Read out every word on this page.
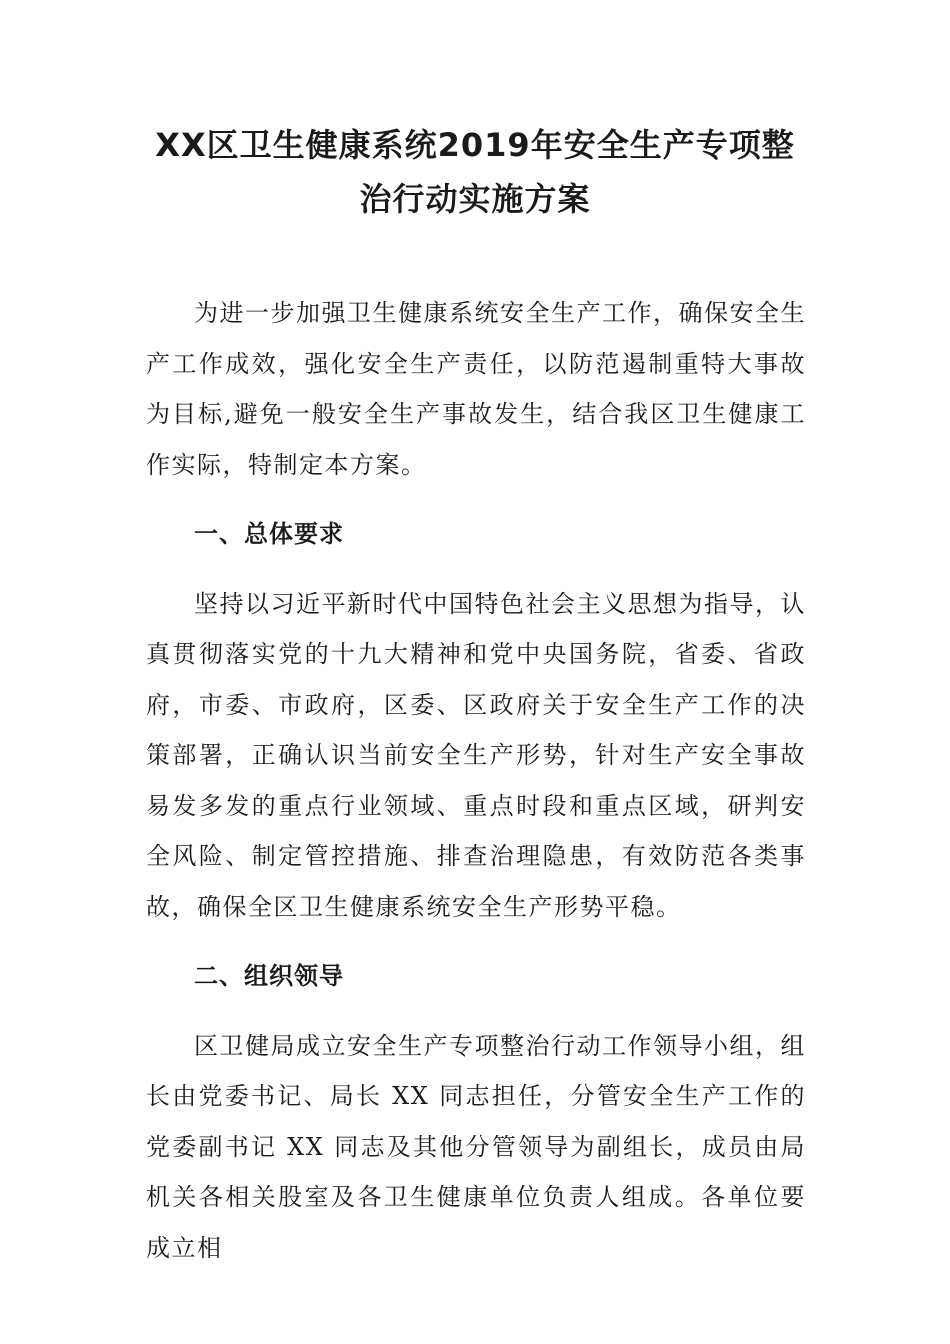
XX区卫生健康系统2019年安全生产专项整
治行动实施方案

为进一步加强卫生健康系统安全生产工作，确保安全生产工作成效，强化安全生产责任，以防范遏制重特大事故为目标,避免一般安全生产事故发生，结合我区卫生健康工作实际，特制定本方案。

一、总体要求

坚持以习近平新时代中国特色社会主义思想为指导，认真贯彻落实党的十九大精神和党中央国务院，省委、省政府，市委、市政府，区委、区政府关于安全生产工作的决策部署，正确认识当前安全生产形势，针对生产安全事故易发多发的重点行业领域、重点时段和重点区域，研判安全风险、制定管控措施、排查治理隐患，有效防范各类事故，确保全区卫生健康系统安全生产形势平稳。

二、组织领导

区卫健局成立安全生产专项整治行动工作领导小组，组长由党委书记、局长 XX 同志担任，分管安全生产工作的党委副书记 XX 同志及其他分管领导为副组长，成员由局机关各相关股室及各卫生健康单位负责人组成。各单位要成立相
